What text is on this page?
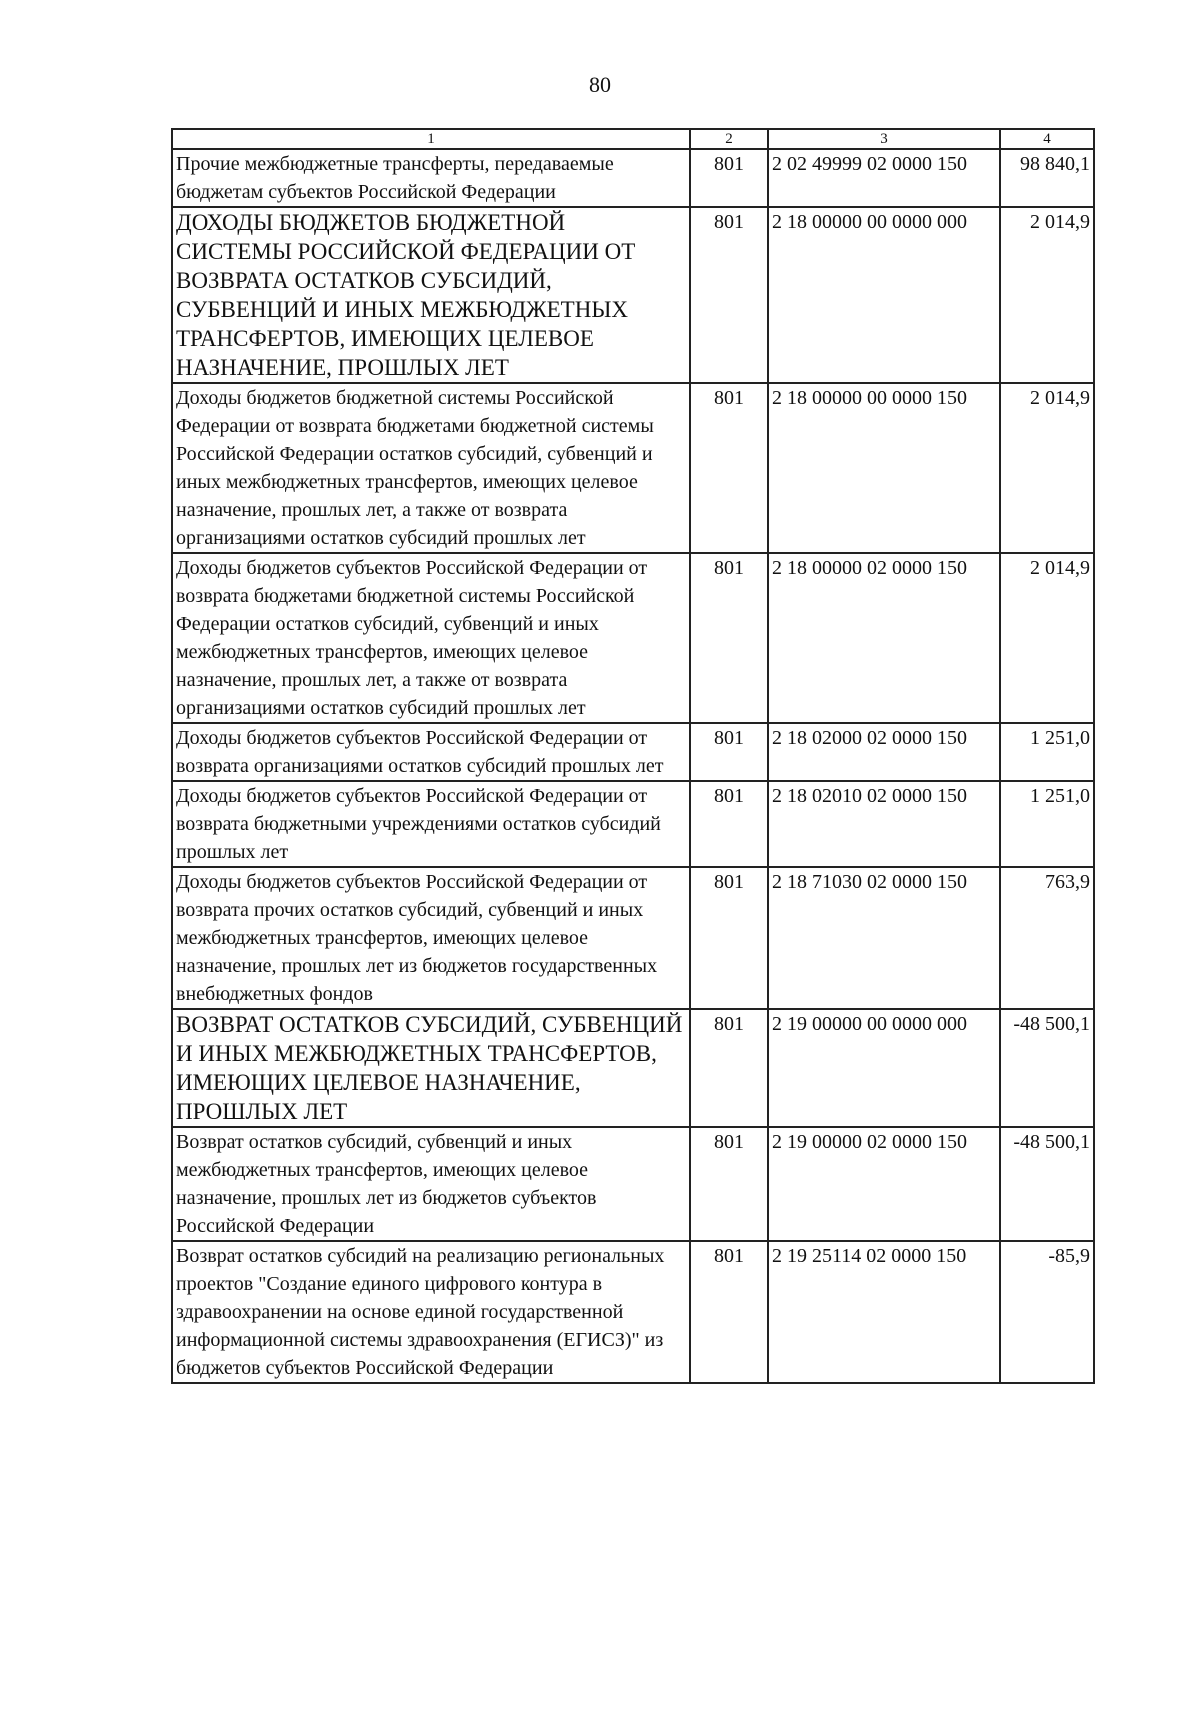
80
1	2	3	4
Прочие межбюджетные трансферты, передаваемые бюджетам субъектов Российской Федерации	801	2 02 49999 02 0000 150	98 840,1
ДОХОДЫ БЮДЖЕТОВ БЮДЖЕТНОЙ СИСТЕМЫ РОССИЙСКОЙ ФЕДЕРАЦИИ ОТ ВОЗВРАТА ОСТАТКОВ СУБСИДИЙ, СУБВЕНЦИЙ И ИНЫХ МЕЖБЮДЖЕТНЫХ ТРАНСФЕРТОВ, ИМЕЮЩИХ ЦЕЛЕВОЕ НАЗНАЧЕНИЕ, ПРОШЛЫХ ЛЕТ	801	2 18 00000 00 0000 000	2 014,9
Доходы бюджетов бюджетной системы Российской Федерации от возврата бюджетами бюджетной системы Российской Федерации остатков субсидий, субвенций и иных межбюджетных трансфертов, имеющих целевое назначение, прошлых лет, а также от возврата организациями остатков субсидий прошлых лет	801	2 18 00000 00 0000 150	2 014,9
Доходы бюджетов субъектов Российской Федерации от возврата бюджетами бюджетной системы Российской Федерации остатков субсидий, субвенций и иных межбюджетных трансфертов, имеющих целевое назначение, прошлых лет, а также от возврата организациями остатков субсидий прошлых лет	801	2 18 00000 02 0000 150	2 014,9
Доходы бюджетов субъектов Российской Федерации от возврата организациями остатков субсидий прошлых лет	801	2 18 02000 02 0000 150	1 251,0
Доходы бюджетов субъектов Российской Федерации от возврата бюджетными учреждениями остатков субсидий прошлых лет	801	2 18 02010 02 0000 150	1 251,0
Доходы бюджетов субъектов Российской Федерации от возврата прочих остатков субсидий, субвенций и иных межбюджетных трансфертов, имеющих целевое назначение, прошлых лет из бюджетов государственных внебюджетных фондов	801	2 18 71030 02 0000 150	763,9
ВОЗВРАТ ОСТАТКОВ СУБСИДИЙ, СУБВЕНЦИЙ И ИНЫХ МЕЖБЮДЖЕТНЫХ ТРАНСФЕРТОВ, ИМЕЮЩИХ ЦЕЛЕВОЕ НАЗНАЧЕНИЕ, ПРОШЛЫХ ЛЕТ	801	2 19 00000 00 0000 000	-48 500,1
Возврат остатков субсидий, субвенций и иных межбюджетных трансфертов, имеющих целевое назначение, прошлых лет из бюджетов субъектов Российской Федерации	801	2 19 00000 02 0000 150	-48 500,1
Возврат остатков субсидий на реализацию региональных проектов "Создание единого цифрового контура в здравоохранении на основе единой государственной информационной системы здравоохранения (ЕГИСЗ)" из бюджетов субъектов Российской Федерации	801	2 19 25114 02 0000 150	-85,9
